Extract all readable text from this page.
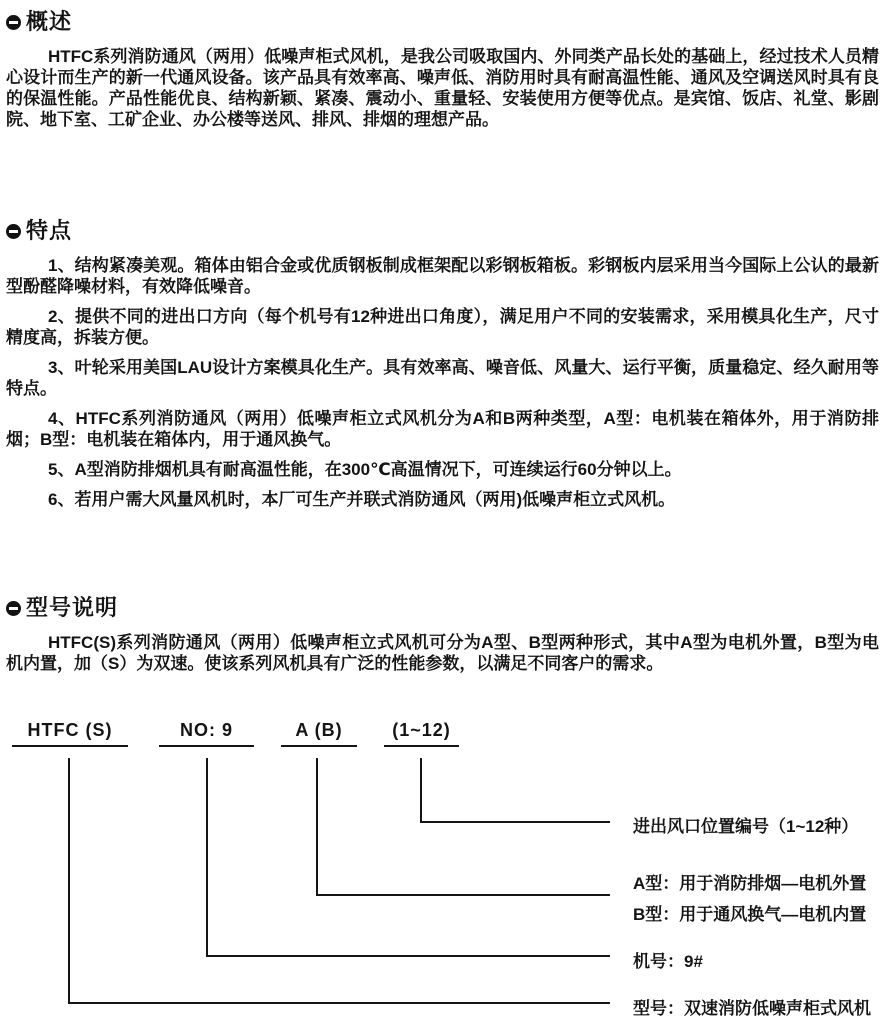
概述

HTFC系列消防通风（两用）低噪声柜式风机，是我公司吸取国内、外同类产品长处的基础上，经过技术人员精心设计而生产的新一代通风设备。该产品具有效率高、噪声低、消防用时具有耐高温性能、通风及空调送风时具有良的保温性能。产品性能优良、结构新颖、紧凑、震动小、重量轻、安装使用方便等优点。是宾馆、饭店、礼堂、影剧院、地下室、工矿企业、办公楼等送风、排风、排烟的理想产品。

特点

1、结构紧凑美观。箱体由铝合金或优质钢板制成框架配以彩钢板箱板。彩钢板内层采用当今国际上公认的最新型酚醛降噪材料，有效降低噪音。

2、提供不同的进出口方向（每个机号有12种进出口角度），满足用户不同的安装需求，采用模具化生产，尺寸精度高，拆装方便。

3、叶轮采用美国LAU设计方案模具化生产。具有效率高、噪音低、风量大、运行平衡，质量稳定、经久耐用等特点。

4、HTFC系列消防通风（两用）低噪声柜立式风机分为A和B两种类型，A型：电机装在箱体外，用于消防排烟；B型：电机装在箱体内，用于通风换气。

5、A型消防排烟机具有耐高温性能，在300℃高温情况下，可连续运行60分钟以上。

6、若用户需大风量风机时，本厂可生产并联式消防通风（两用)低噪声柜立式风机。

型号说明

HTFC(S)系列消防通风（两用）低噪声柜立式风机可分为A型、B型两种形式，其中A型为电机外置，B型为电机内置，加（S）为双速。使该系列风机具有广泛的性能参数，以满足不同客户的需求。

HTFC (S)	NO: 9	A (B)	(1~12)
进出风口位置编号（1~12种）
A型：用于消防排烟—电机外置
B型：用于通风换气—电机内置
机号：9#
型号：双速消防低噪声柜式风机
